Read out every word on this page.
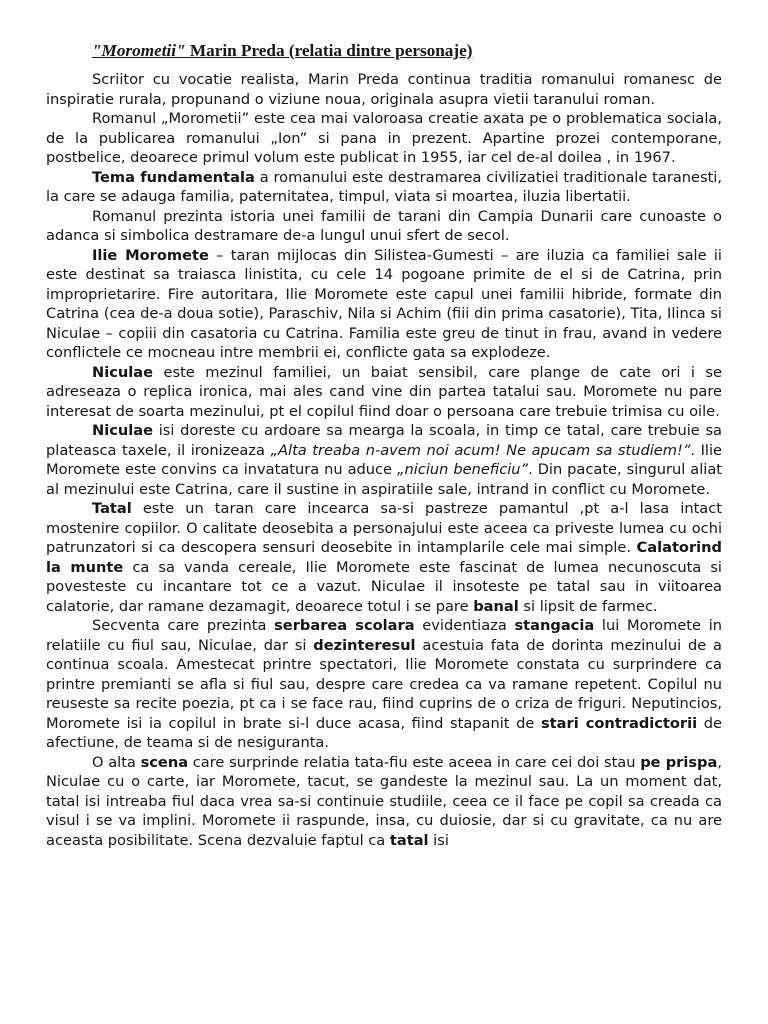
"Morometii" Marin Preda (relatia dintre personaje)

Scriitor cu vocatie realista, Marin Preda continua traditia romanului romanesc de inspiratie rurala, propunand o viziune noua, originala asupra vietii taranului roman.

Romanul „Morometii” este cea mai valoroasa creatie axata pe o problematica sociala, de la publicarea romanului „Ion” si pana in prezent. Apartine prozei contemporane, postbelice, deoarece primul volum este publicat in 1955, iar cel de-al doilea , in 1967.

Tema fundamentala a romanului este destramarea civilizatiei traditionale taranesti, la care se adauga familia, paternitatea, timpul, viata si moartea, iluzia libertatii.

Romanul prezinta istoria unei familii de tarani din Campia Dunarii care cunoaste o adanca si simbolica destramare de-a lungul unui sfert de secol.

Ilie Moromete – taran mijlocas din Silistea-Gumesti – are iluzia ca familiei sale ii este destinat sa traiasca linistita, cu cele 14 pogoane primite de el si de Catrina, prin improprietarire. Fire autoritara, Ilie Moromete este capul unei familii hibride, formate din Catrina (cea de-a doua sotie), Paraschiv, Nila si Achim (fiii din prima casatorie), Tita, Ilinca si Niculae – copiii din casatoria cu Catrina. Familia este greu de tinut in frau, avand in vedere conflictele ce mocneau intre membrii ei, conflicte gata sa explodeze.

Niculae este mezinul familiei, un baiat sensibil, care plange de cate ori i se adreseaza o replica ironica, mai ales cand vine din partea tatalui sau. Moromete nu pare interesat de soarta mezinului, pt el copilul fiind doar o persoana care trebuie trimisa cu oile.

Niculae isi doreste cu ardoare sa mearga la scoala, in timp ce tatal, care trebuie sa plateasca taxele, il ironizeaza „Alta treaba n-avem noi acum! Ne apucam sa studiem!”. Ilie Moromete este convins ca invatatura nu aduce „niciun beneficiu”. Din pacate, singurul aliat al mezinului este Catrina, care il sustine in aspiratiile sale, intrand in conflict cu Moromete.

Tatal este un taran care incearca sa-si pastreze pamantul ,pt a-l lasa intact mostenire copiilor. O calitate deosebita a personajului este aceea ca priveste lumea cu ochi patrunzatori si ca descopera sensuri deosebite in intamplarile cele mai simple. Calatorind la munte ca sa vanda cereale, Ilie Moromete este fascinat de lumea necunoscuta si povesteste cu incantare tot ce a vazut. Niculae il insoteste pe tatal sau in viitoarea calatorie, dar ramane dezamagit, deoarece totul i se pare banal si lipsit de farmec.

Secventa care prezinta serbarea scolara evidentiaza stangacia lui Moromete in relatiile cu fiul sau, Niculae, dar si dezinteresul acestuia fata de dorinta mezinului de a continua scoala. Amestecat printre spectatori, Ilie Moromete constata cu surprindere ca printre premianti se afla si fiul sau, despre care credea ca va ramane repetent. Copilul nu reuseste sa recite poezia, pt ca i se face rau, fiind cuprins de o criza de friguri. Neputincios, Moromete isi ia copilul in brate si-l duce acasa, fiind stapanit de stari contradictorii de afectiune, de teama si de nesiguranta.

O alta scena care surprinde relatia tata-fiu este aceea in care cei doi stau pe prispa, Niculae cu o carte, iar Moromete, tacut, se gandeste la mezinul sau. La un moment dat, tatal isi intreaba fiul daca vrea sa-si continuie studiile, ceea ce il face pe copil sa creada ca visul i se va implini. Moromete ii raspunde, insa, cu duiosie, dar si cu gravitate, ca nu are aceasta posibilitate. Scena dezvaluie faptul ca tatal isi
